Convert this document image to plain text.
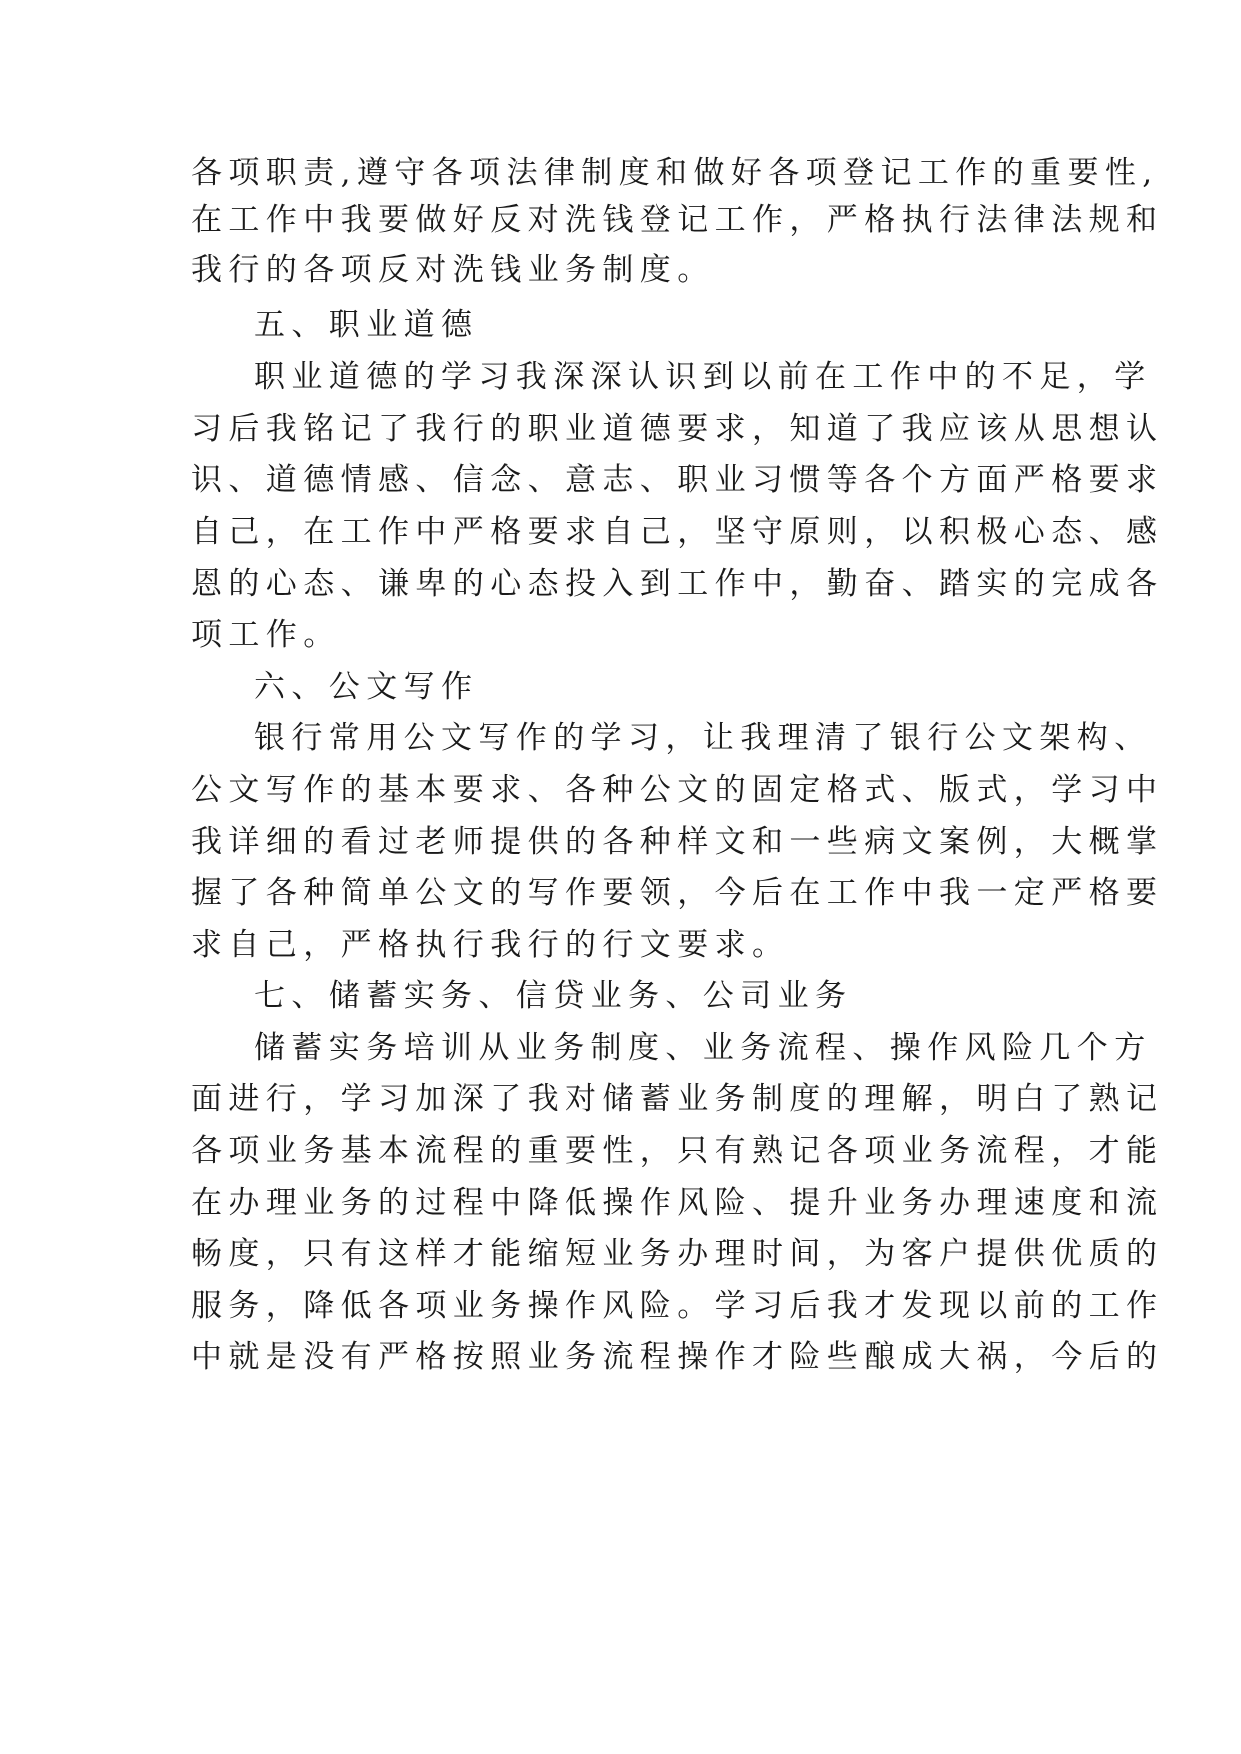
各项职责,遵守各项法律制度和做好各项登记工作的重要性,
在工作中我要做好反对洗钱登记工作，严格执行法律法规和
我行的各项反对洗钱业务制度。
五、职业道德
职业道德的学习我深深认识到以前在工作中的不足，学
习后我铭记了我行的职业道德要求，知道了我应该从思想认
识、道德情感、信念、意志、职业习惯等各个方面严格要求
自己，在工作中严格要求自己，坚守原则，以积极心态、感
恩的心态、谦卑的心态投入到工作中，勤奋、踏实的完成各
项工作。
六、公文写作
银行常用公文写作的学习，让我理清了银行公文架构、
公文写作的基本要求、各种公文的固定格式、版式，学习中
我详细的看过老师提供的各种样文和一些病文案例，大概掌
握了各种简单公文的写作要领，今后在工作中我一定严格要
求自己，严格执行我行的行文要求。
七、储蓄实务、信贷业务、公司业务
储蓄实务培训从业务制度、业务流程、操作风险几个方
面进行，学习加深了我对储蓄业务制度的理解，明白了熟记
各项业务基本流程的重要性，只有熟记各项业务流程，才能
在办理业务的过程中降低操作风险、提升业务办理速度和流
畅度，只有这样才能缩短业务办理时间，为客户提供优质的
服务，降低各项业务操作风险。学习后我才发现以前的工作
中就是没有严格按照业务流程操作才险些酿成大祸，今后的
